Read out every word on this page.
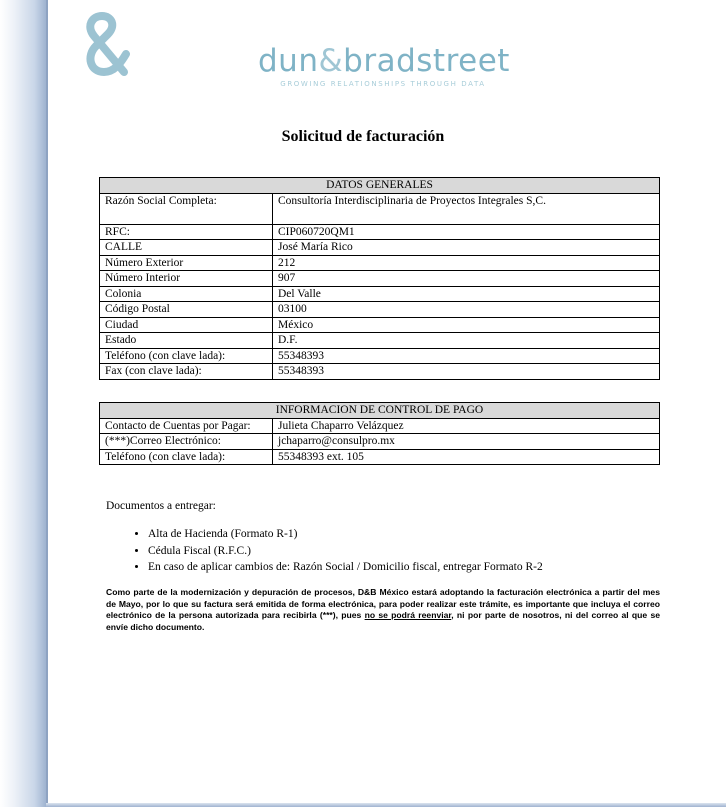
dun&bradstreet
GROWING RELATIONSHIPS THROUGH DATA
Solicitud de facturación
DATOS GENERALES	
Razón Social Completa:	Consultoría Interdisciplinaria de Proyectos Integrales S,C.
RFC:	CIP060720QM1
CALLE	José María Rico
Número Exterior	212
Número Interior	907
Colonia	Del Valle
Código Postal	03100
Ciudad	México
Estado	D.F.
Teléfono (con clave lada):	55348393
Fax (con clave lada):	55348393
INFORMACION DE CONTROL DE PAGO	
Contacto de Cuentas por Pagar:	Julieta Chaparro Velázquez
(***)Correo Electrónico:	jchaparro@consulpro.mx
Teléfono (con clave lada):	55348393 ext. 105
Documentos a entregar:
• Alta de Hacienda (Formato R-1)
• Cédula Fiscal (R.F.C.)
• En caso de aplicar cambios de: Razón Social / Domicilio fiscal, entregar Formato R-2
Como parte de la modernización y depuración de procesos, D&B México estará adoptando la facturación electrónica a partir del mes de Mayo, por lo que su factura será emitida de forma electrónica, para poder realizar este trámite, es importante que incluya el correo electrónico de la persona autorizada para recibirla (***), pues no se podrá reenviar, ni por parte de nosotros, ni del correo al que se envíe dicho documento.
